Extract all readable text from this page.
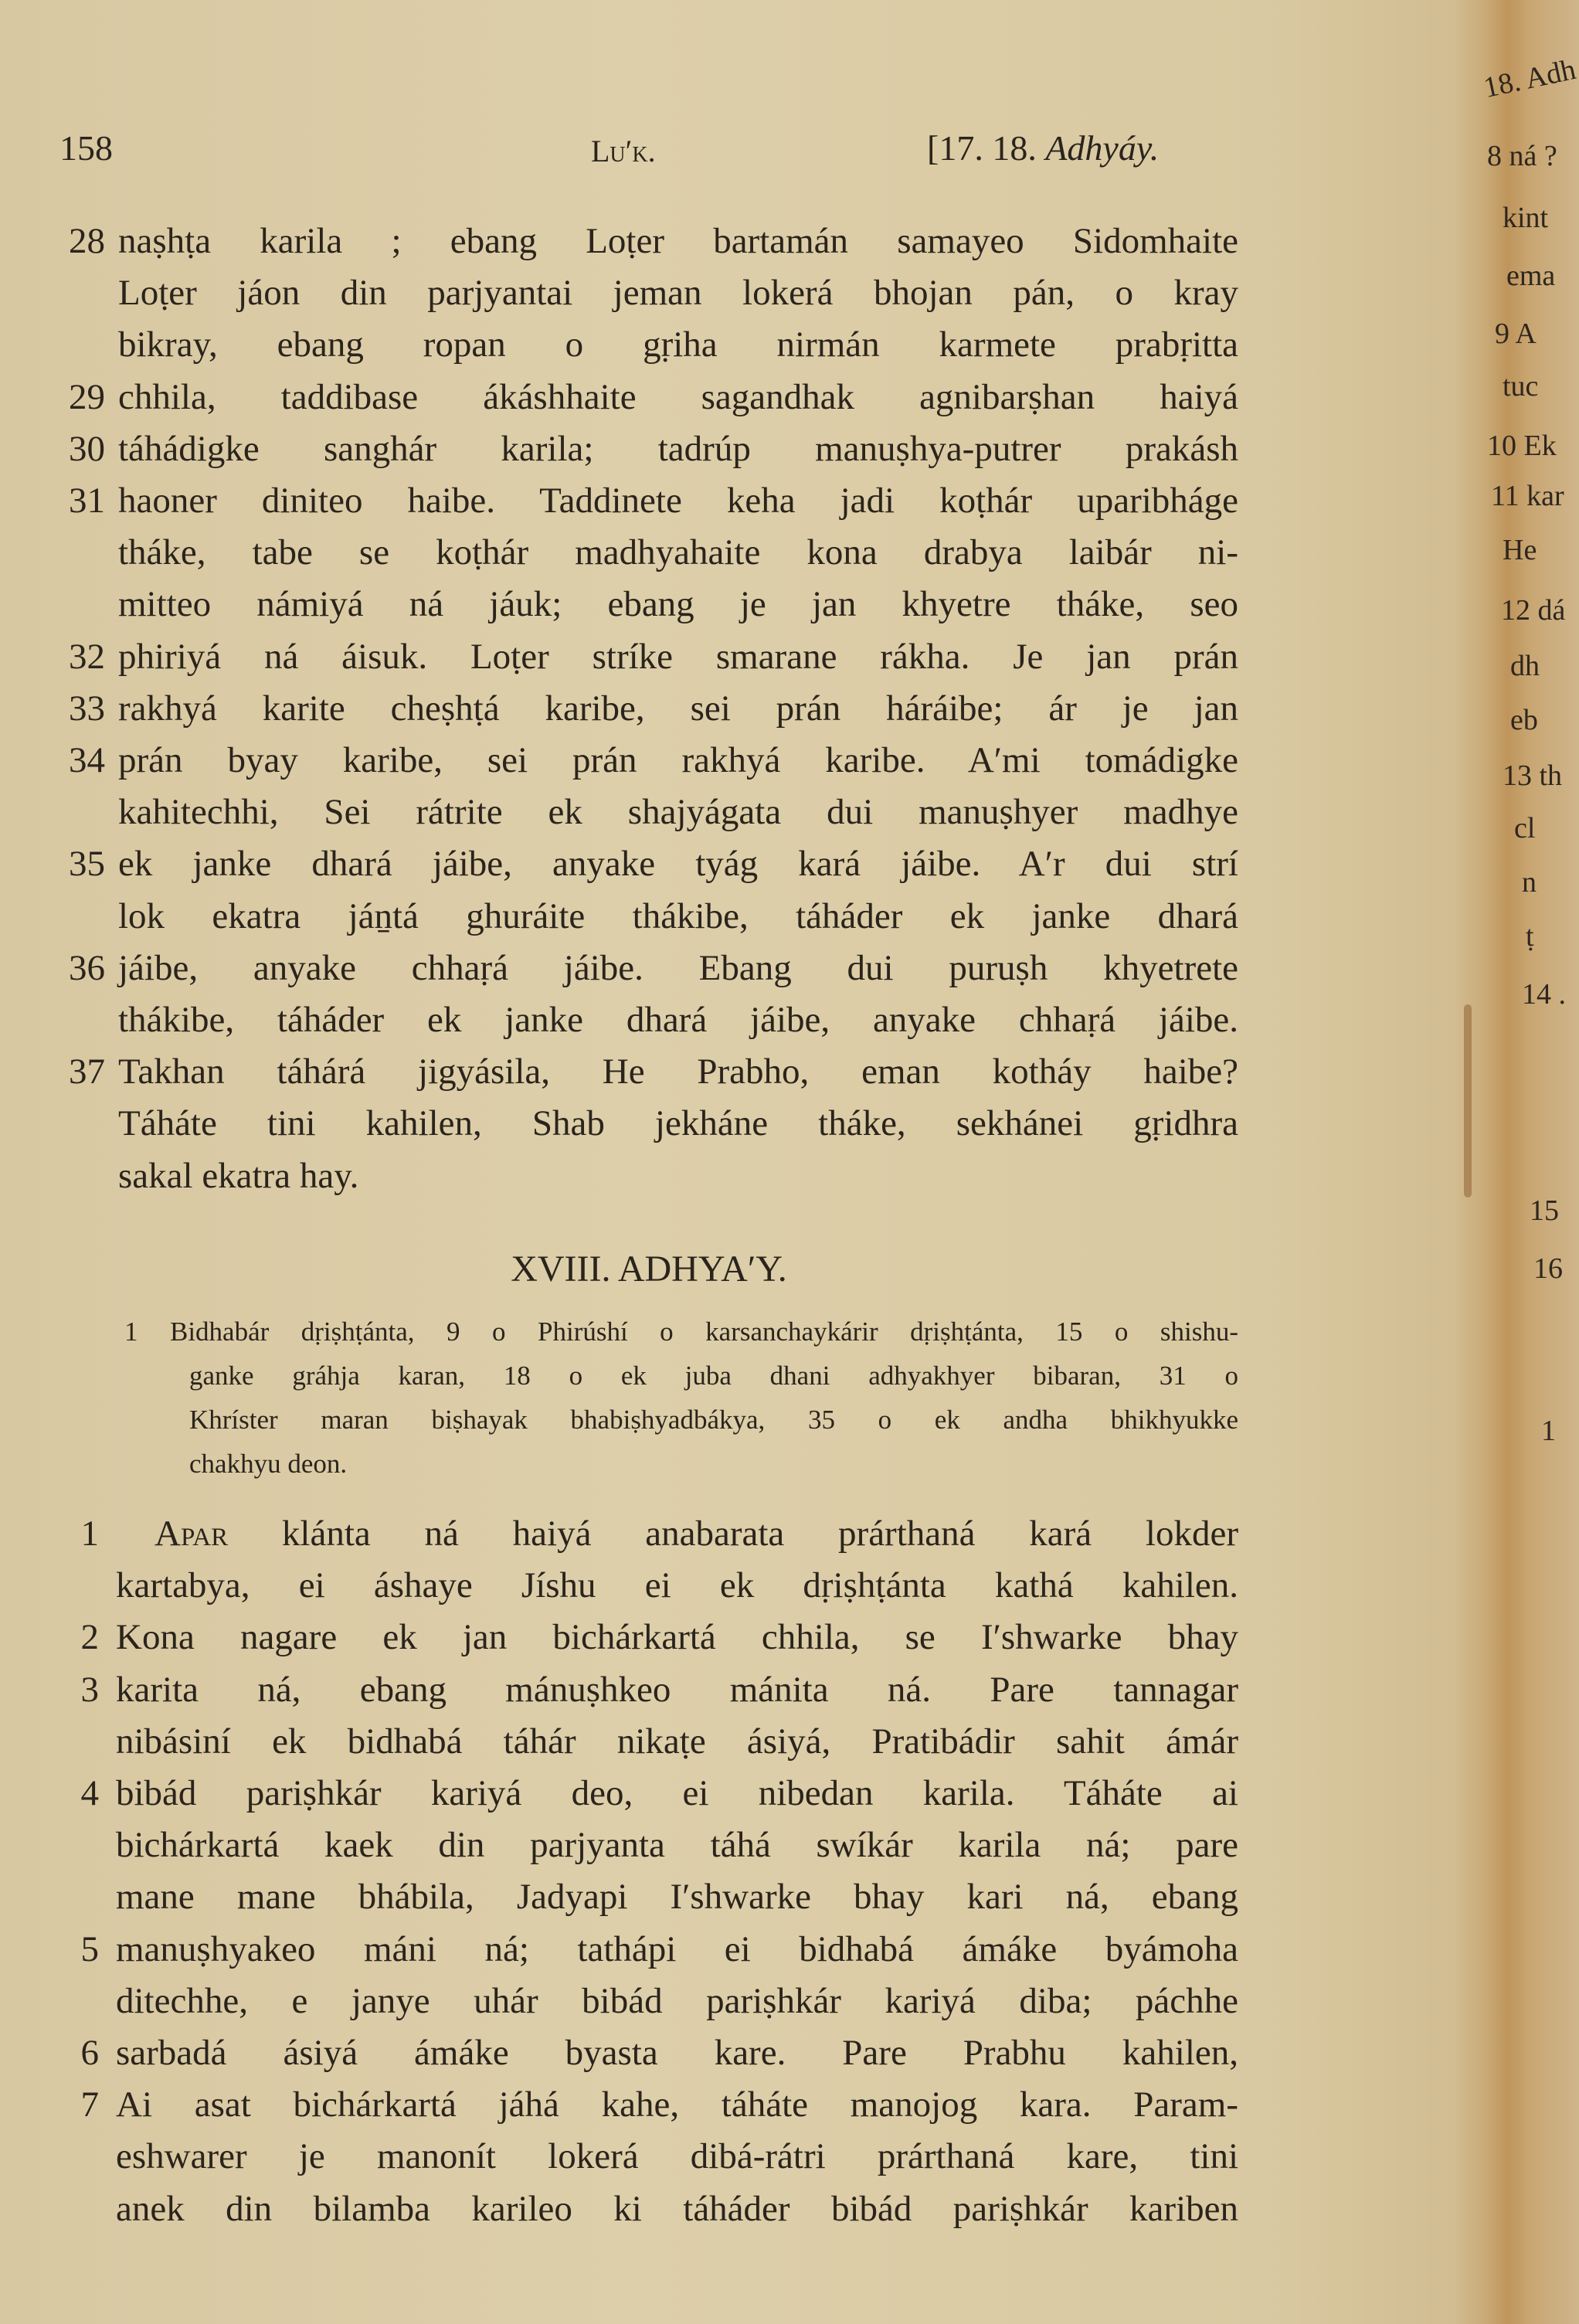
158	Lu′k.	[17. 18. Adhyáy.
28 naṣhṭa karila ; ebang Loṭer bartamán samayeo Sidomhaite
Loṭer jáon din parjyantai jeman lokerá bhojan pán, o kray
bikray, ebang ropan o gṛiha nirmán karmete prabṛitta
29 chhila, taddibase ákáshhaite sagandhak agnibarṣhan haiyá
30 táhádigke sanghár karila; tadrúp manuṣhya-putrer prakásh
31 haoner diniteo haibe. Taddinete keha jadi koṭhár uparibháge
tháke, tabe se koṭhár madhyahaite kona drabya laibár ni-
mitteo námiyá ná jáuk; ebang je jan khyetre tháke, seo
32 phiriyá ná áisuk. Loṭer stríke smarane rákha. Je jan prán
33 rakhyá karite cheṣhṭá karibe, sei prán háráibe; ár je jan
34 prán byay karibe, sei prán rakhyá karibe. A′mi tomádigke
kahitechhi, Sei rátrite ek shajyágata dui manuṣhyer madhye
35 ek janke dhará jáibe, anyake tyág kará jáibe. A′r dui strí
lok ekatra jáṉtá ghuráite thákibe, táháder ek janke dhará
36 jáibe, anyake chhaṛá jáibe. Ebang dui puruṣh khyetrete
thákibe, táháder ek janke dhará jáibe, anyake chhaṛá jáibe.
37 Takhan táhárá jigyásila, He Prabho, eman kotháy haibe?
Táháte tini kahilen, Shab jekháne tháke, sekhánei gṛidhra
sakal ekatra hay.
XVIII. ADHYA′Y.
1 Bidhabár dṛiṣhṭánta, 9 o Phirúshí o karsanchaykárir dṛiṣhṭánta, 15 o shishu-
ganke gráhja karan, 18 o ek juba dhani adhyakhyer bibaran, 31 o
Khríster maran biṣhayak bhabiṣhyadbákya, 35 o ek andha bhikhyukke
chakhyu deon.
1 Apar klánta ná haiyá anabarata prárthaná kará lokder
kartabya, ei áshaye Jíshu ei ek dṛiṣhṭánta kathá kahilen.
2 Kona nagare ek jan bichárkartá chhila, se I′shwarke bhay
3 karita ná, ebang mánuṣhkeo mánita ná. Pare tannagar
nibásiní ek bidhabá táhár nikaṭe ásiyá, Pratibádir sahit ámár
4 bibád pariṣhkár kariyá deo, ei nibedan karila. Táháte ai
bichárkartá kaek din parjyanta táhá swíkár karila ná; pare
mane mane bhábila, Jadyapi I′shwarke bhay kari ná, ebang
5 manuṣhyakeo máni ná; tathápi ei bidhabá ámáke byámoha
ditechhe, e janye uhár bibád pariṣhkár kariyá diba; páchhe
6 sarbadá ásiyá ámáke byasta kare. Pare Prabhu kahilen,
7 Ai asat bichárkartá jáhá kahe, táháte manojog kara. Param-
eshwarer je manonít lokerá dibá-rátri prárthaná kare, tini
anek din bilamba karileo ki táháder bibád pariṣhkár kariben
18. Adh
8 ná ?
kint
ema
9 A
tuc
10 Ek
11 kar
He
12 dá
dh
eb
13 th
cl
n
ṭ
14 .
15
16
1
